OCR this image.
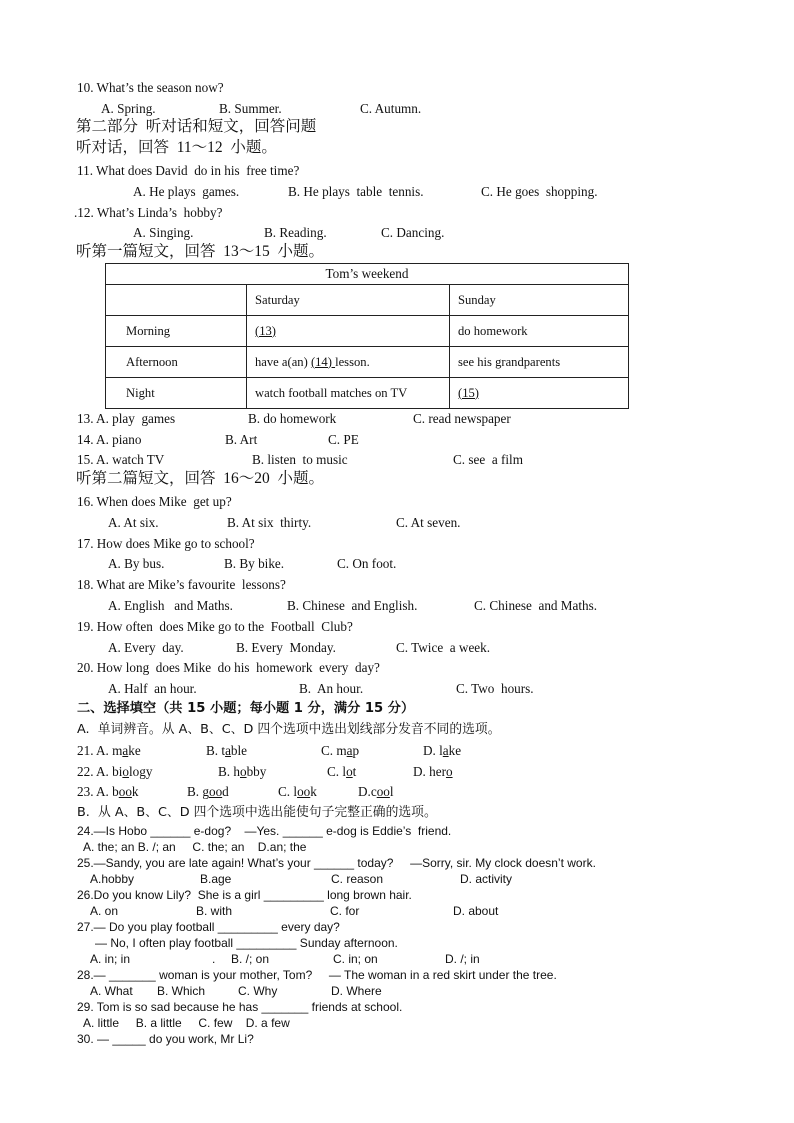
10. What’s the season now?
A. Spring.	B. Summer.	C. Autumn.
第二部分  听对话和短文，回答问题
听对话，回答  11～12  小题。
11. What does David  do in his  free time?
A. He plays  games.	B. He plays  table  tennis.	C. He goes  shopping.
.12. What’s Linda’s  hobby?
A. Singing.	B. Reading.	C. Dancing.
听第一篇短文，回答  13～15  小题。
Tom’s weekend		
	Saturday	Sunday
Morning	(13)	do homework
Afternoon	have a(an) (14) lesson.	see his grandparents
Night	watch football matches on TV	(15)
13. A. play  games	B. do homework	C. read newspaper
14. A. piano	B. Art	C. PE
15. A. watch TV	B. listen  to music	C. see  a film
听第二篇短文，回答  16～20  小题。
16. When does Mike  get up?
A. At six.	B. At six  thirty.	C. At seven.
17. How does Mike go to school?
A. By bus.	B. By bike.	C. On foot.
18. What are Mike’s favourite  lessons?
A. English   and Maths.	B. Chinese  and English.	C. Chinese  and Maths.
19. How often  does Mike go to the  Football  Club?
A. Every  day.	B. Every  Monday.	C. Twice  a week.
20. How long  does Mike  do his  homework  every  day?
A. Half  an hour.	B.  An hour.	C. Two  hours.
二、选择填空（共 15 小题；每小题 1 分，满分 15 分）
A.  单词辨音。从 A、B、C、D 四个选项中选出划线部分发音不同的选项。
21. A. make	B. table	C. map	D. lake
22. A. biology	B. hobby	C. lot	D. hero
23. A. book	B. good	C. look	D.cool
B.  从 A、B、C、D 四个选项中选出能使句子完整正确的选项。
24.—Is Hobo ______ e-dog?    —Yes. ______ e-dog is Eddie’s  friend.
A. the; an B. /; an     C. the; an    D.an; the
25.—Sandy, you are late again! What’s your ______ today?     —Sorry, sir. My clock doesn’t work.
A.hobby	B.age	C. reason	D. activity
26.Do you know Lily?  She is a girl _________ long brown hair.
A. on	B. with	C. for	D. about
27.— Do you play football _________ every day?
— No, I often play football _________ Sunday afternoon.
A. in; in	. B. /; on	C. in; on	D. /; in
28.— _______ woman is your mother, Tom?     — The woman in a red skirt under the tree.
A. What B. Which	C. Why	D. Where
29. Tom is so sad because he has _______ friends at school.
A. little     B. a little     C. few    D. a few
30. — _____ do you work, Mr Li?
